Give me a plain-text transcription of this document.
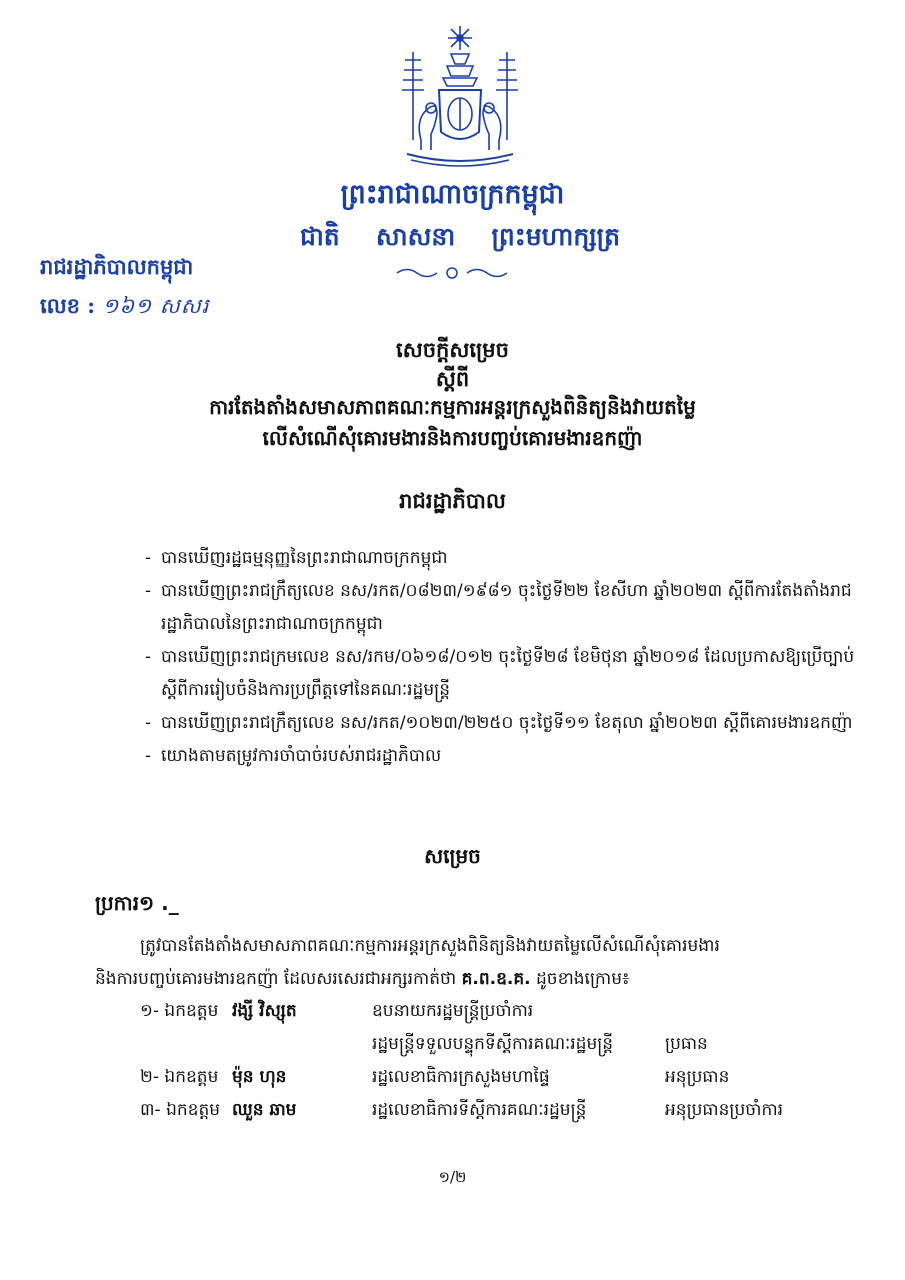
ព្រះរាជាណាចក្រកម្ពុជា
ជាតិ សាសនា ព្រះមហាក្សត្រ
រាជរដ្ឋាភិបាលកម្ពុជា
លេខ : ១៦១ សសរ
សេចក្តីសម្រេច
ស្តីពី
ការតែងតាំងសមាសភាពគណៈកម្មការអន្តរក្រសួងពិនិត្យនិងវាយតម្លៃ
លើសំណើសុំគោរមងារនិងការបញ្ចប់គោរមងារឧកញ៉ា
រាជរដ្ឋាភិបាល
- បានឃើញរដ្ឋធម្មនុញ្ញនៃព្រះរាជាណាចក្រកម្ពុជា
- បានឃើញព្រះរាជក្រឹត្យលេខ នស/រកត/០៨២៣/១៩៨១ ចុះថ្ងៃទី២២ ខែសីហា ឆ្នាំ២០២៣ ស្តីពីការតែងតាំងរាជរដ្ឋាភិបាលនៃព្រះរាជាណាចក្រកម្ពុជា
- បានឃើញព្រះរាជក្រមលេខ នស/រកម/០៦១៨/០១២ ចុះថ្ងៃទី២៨ ខែមិថុនា ឆ្នាំ២០១៨ ដែលប្រកាសឱ្យប្រើច្បាប់ស្តីពីការរៀបចំនិងការប្រព្រឹត្តទៅនៃគណៈរដ្ឋមន្ត្រី
- បានឃើញព្រះរាជក្រឹត្យលេខ នស/រកត/១០២៣/២២៥០ ចុះថ្ងៃទី១១ ខែតុលា ឆ្នាំ២០២៣ ស្តីពីគោរមងារឧកញ៉ា
- យោងតាមតម្រូវការចាំបាច់របស់រាជរដ្ឋាភិបាល
សម្រេច
ប្រការ១ ._
ត្រូវបានតែងតាំងសមាសភាពគណៈកម្មការអន្តរក្រសួងពិនិត្យនិងវាយតម្លៃលើសំណើសុំគោរមងារ
និងការបញ្ចប់គោរមងារឧកញ៉ា ដែលសរសេរជាអក្សរកាត់ថា គ.ព.ឧ.គ. ដូចខាងក្រោម៖
១- ឯកឧត្តម វង្សី វិស្សុត	ឧបនាយករដ្ឋមន្ត្រីប្រចាំការ
រដ្ឋមន្ត្រីទទួលបន្ទុកទីស្តីការគណៈរដ្ឋមន្ត្រី	ប្រធាន
២- ឯកឧត្តម ម៉ុន ហុន	រដ្ឋលេខាធិការក្រសួងមហាផ្ទៃ	អនុប្រធាន
៣- ឯកឧត្តម ឈួន ឆាម	រដ្ឋលេខាធិការទីស្តីការគណៈរដ្ឋមន្ត្រី	អនុប្រធានប្រចាំការ
១/២
